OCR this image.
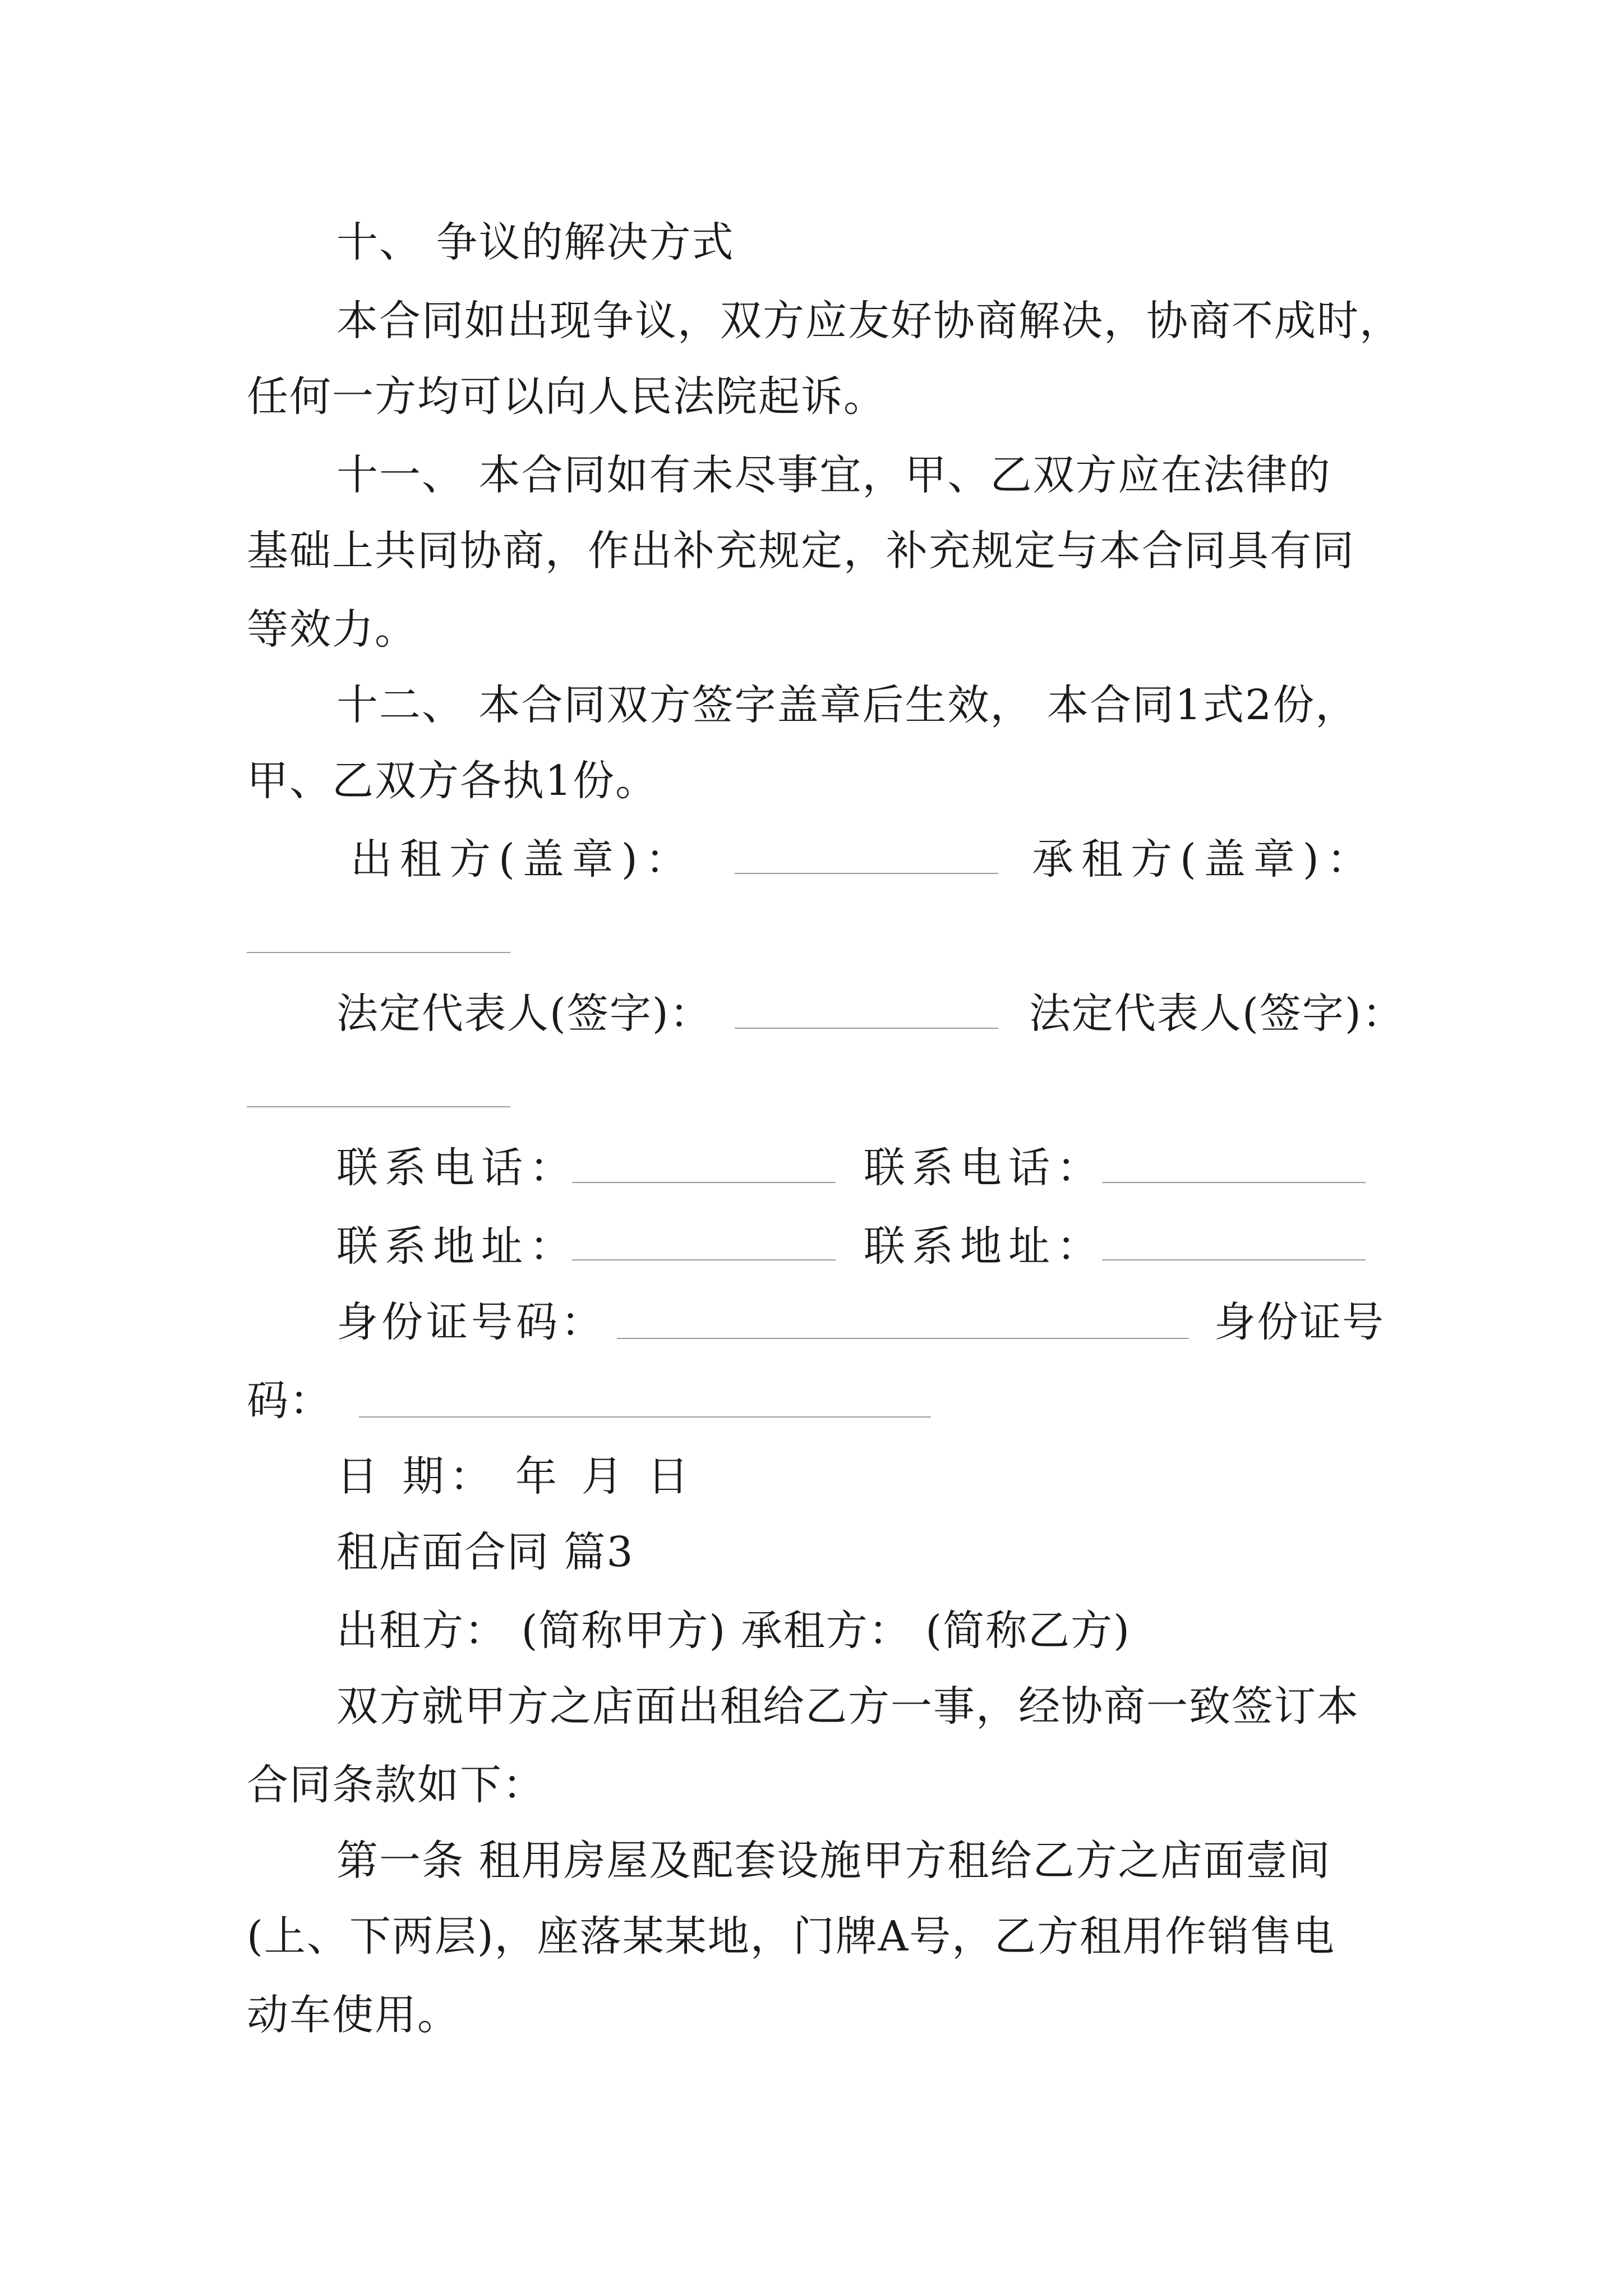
十、 争议的解决方式
本合同如出现争议，双方应友好协商解决，协商不成时，
任何一方均可以向人民法院起诉。
十一、 本合同如有未尽事宜，甲、乙双方应在法律的
基础上共同协商，作出补充规定，补充规定与本合同具有同
等效力。
十二、 本合同双方签字盖章后生效， 本合同1式2份，
甲、乙双方各执1份。
出租方(盖章)：	承租方(盖章)：
法定代表人(签字)：	法定代表人(签字)：
联系电话：	联系电话：
联系地址：	联系地址：
身份证号码：	身份证号
码：
日 期： 年 月 日
租店面合同 篇3
出租方： (简称甲方) 承租方： (简称乙方)
双方就甲方之店面出租给乙方一事，经协商一致签订本
合同条款如下：
第一条 租用房屋及配套设施甲方租给乙方之店面壹间
(上、下两层)，座落某某地，门牌A号，乙方租用作销售电
动车使用。
